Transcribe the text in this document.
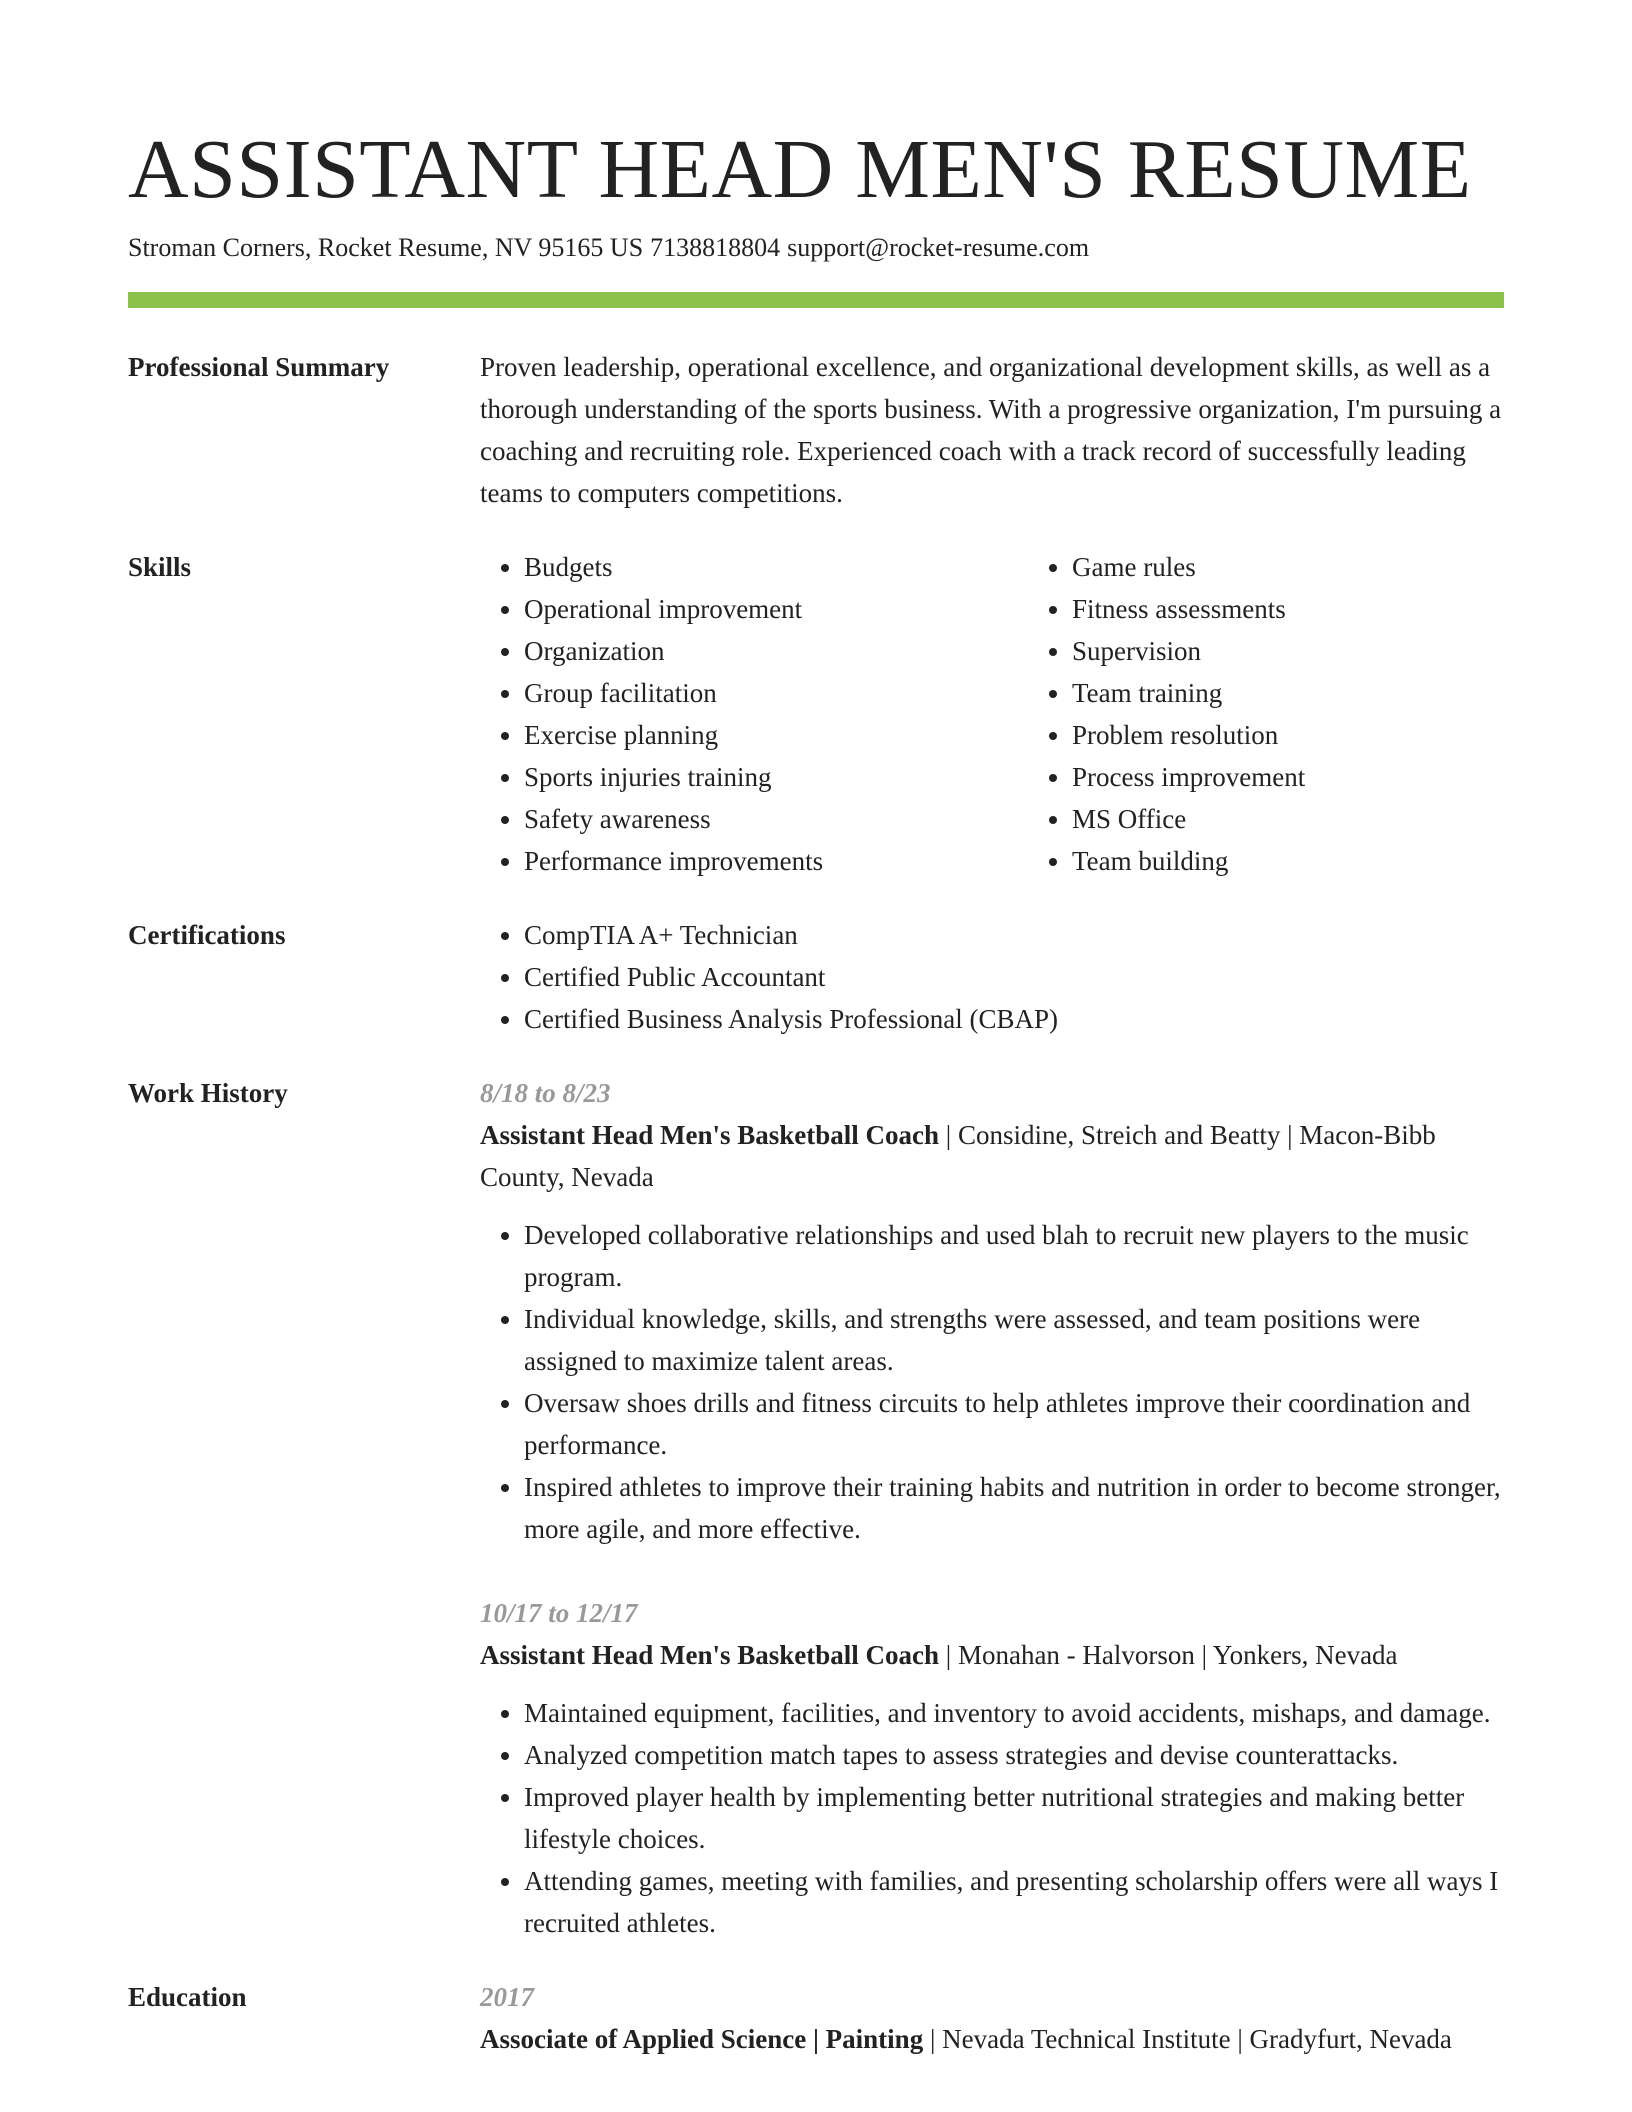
ASSISTANT HEAD MEN'S RESUME
Stroman Corners, Rocket Resume, NV 95165 US 7138818804 support@rocket-resume.com
Professional Summary	Proven leadership, operational excellence, and organizational development skills, as well as a thorough understanding of the sports business. With a progressive organization, I'm pursuing a coaching and recruiting role. Experienced coach with a track record of successfully leading teams to computers competitions.

Skills	• Budgets
• Operational improvement
• Organization
• Group facilitation
• Exercise planning
• Sports injuries training
• Safety awareness
• Performance improvements
• Game rules
• Fitness assessments
• Supervision
• Team training
• Problem resolution
• Process improvement
• MS Office
• Team building
Certifications	• CompTIA A+ Technician
• Certified Public Accountant
• Certified Business Analysis Professional (CBAP)
Work History	8/18 to 8/23
Assistant Head Men's Basketball Coach | Considine, Streich and Beatty | Macon-Bibb County, Nevada
• Developed collaborative relationships and used blah to recruit new players to the music program.
• Individual knowledge, skills, and strengths were assessed, and team positions were assigned to maximize talent areas.
• Oversaw shoes drills and fitness circuits to help athletes improve their coordination and performance.
• Inspired athletes to improve their training habits and nutrition in order to become stronger, more agile, and more effective.
10/17 to 12/17
Assistant Head Men's Basketball Coach | Monahan - Halvorson | Yonkers, Nevada
• Maintained equipment, facilities, and inventory to avoid accidents, mishaps, and damage.
• Analyzed competition match tapes to assess strategies and devise counterattacks.
• Improved player health by implementing better nutritional strategies and making better lifestyle choices.
• Attending games, meeting with families, and presenting scholarship offers were all ways I recruited athletes.
Education	2017
Associate of Applied Science | Painting | Nevada Technical Institute | Gradyfurt, Nevada
